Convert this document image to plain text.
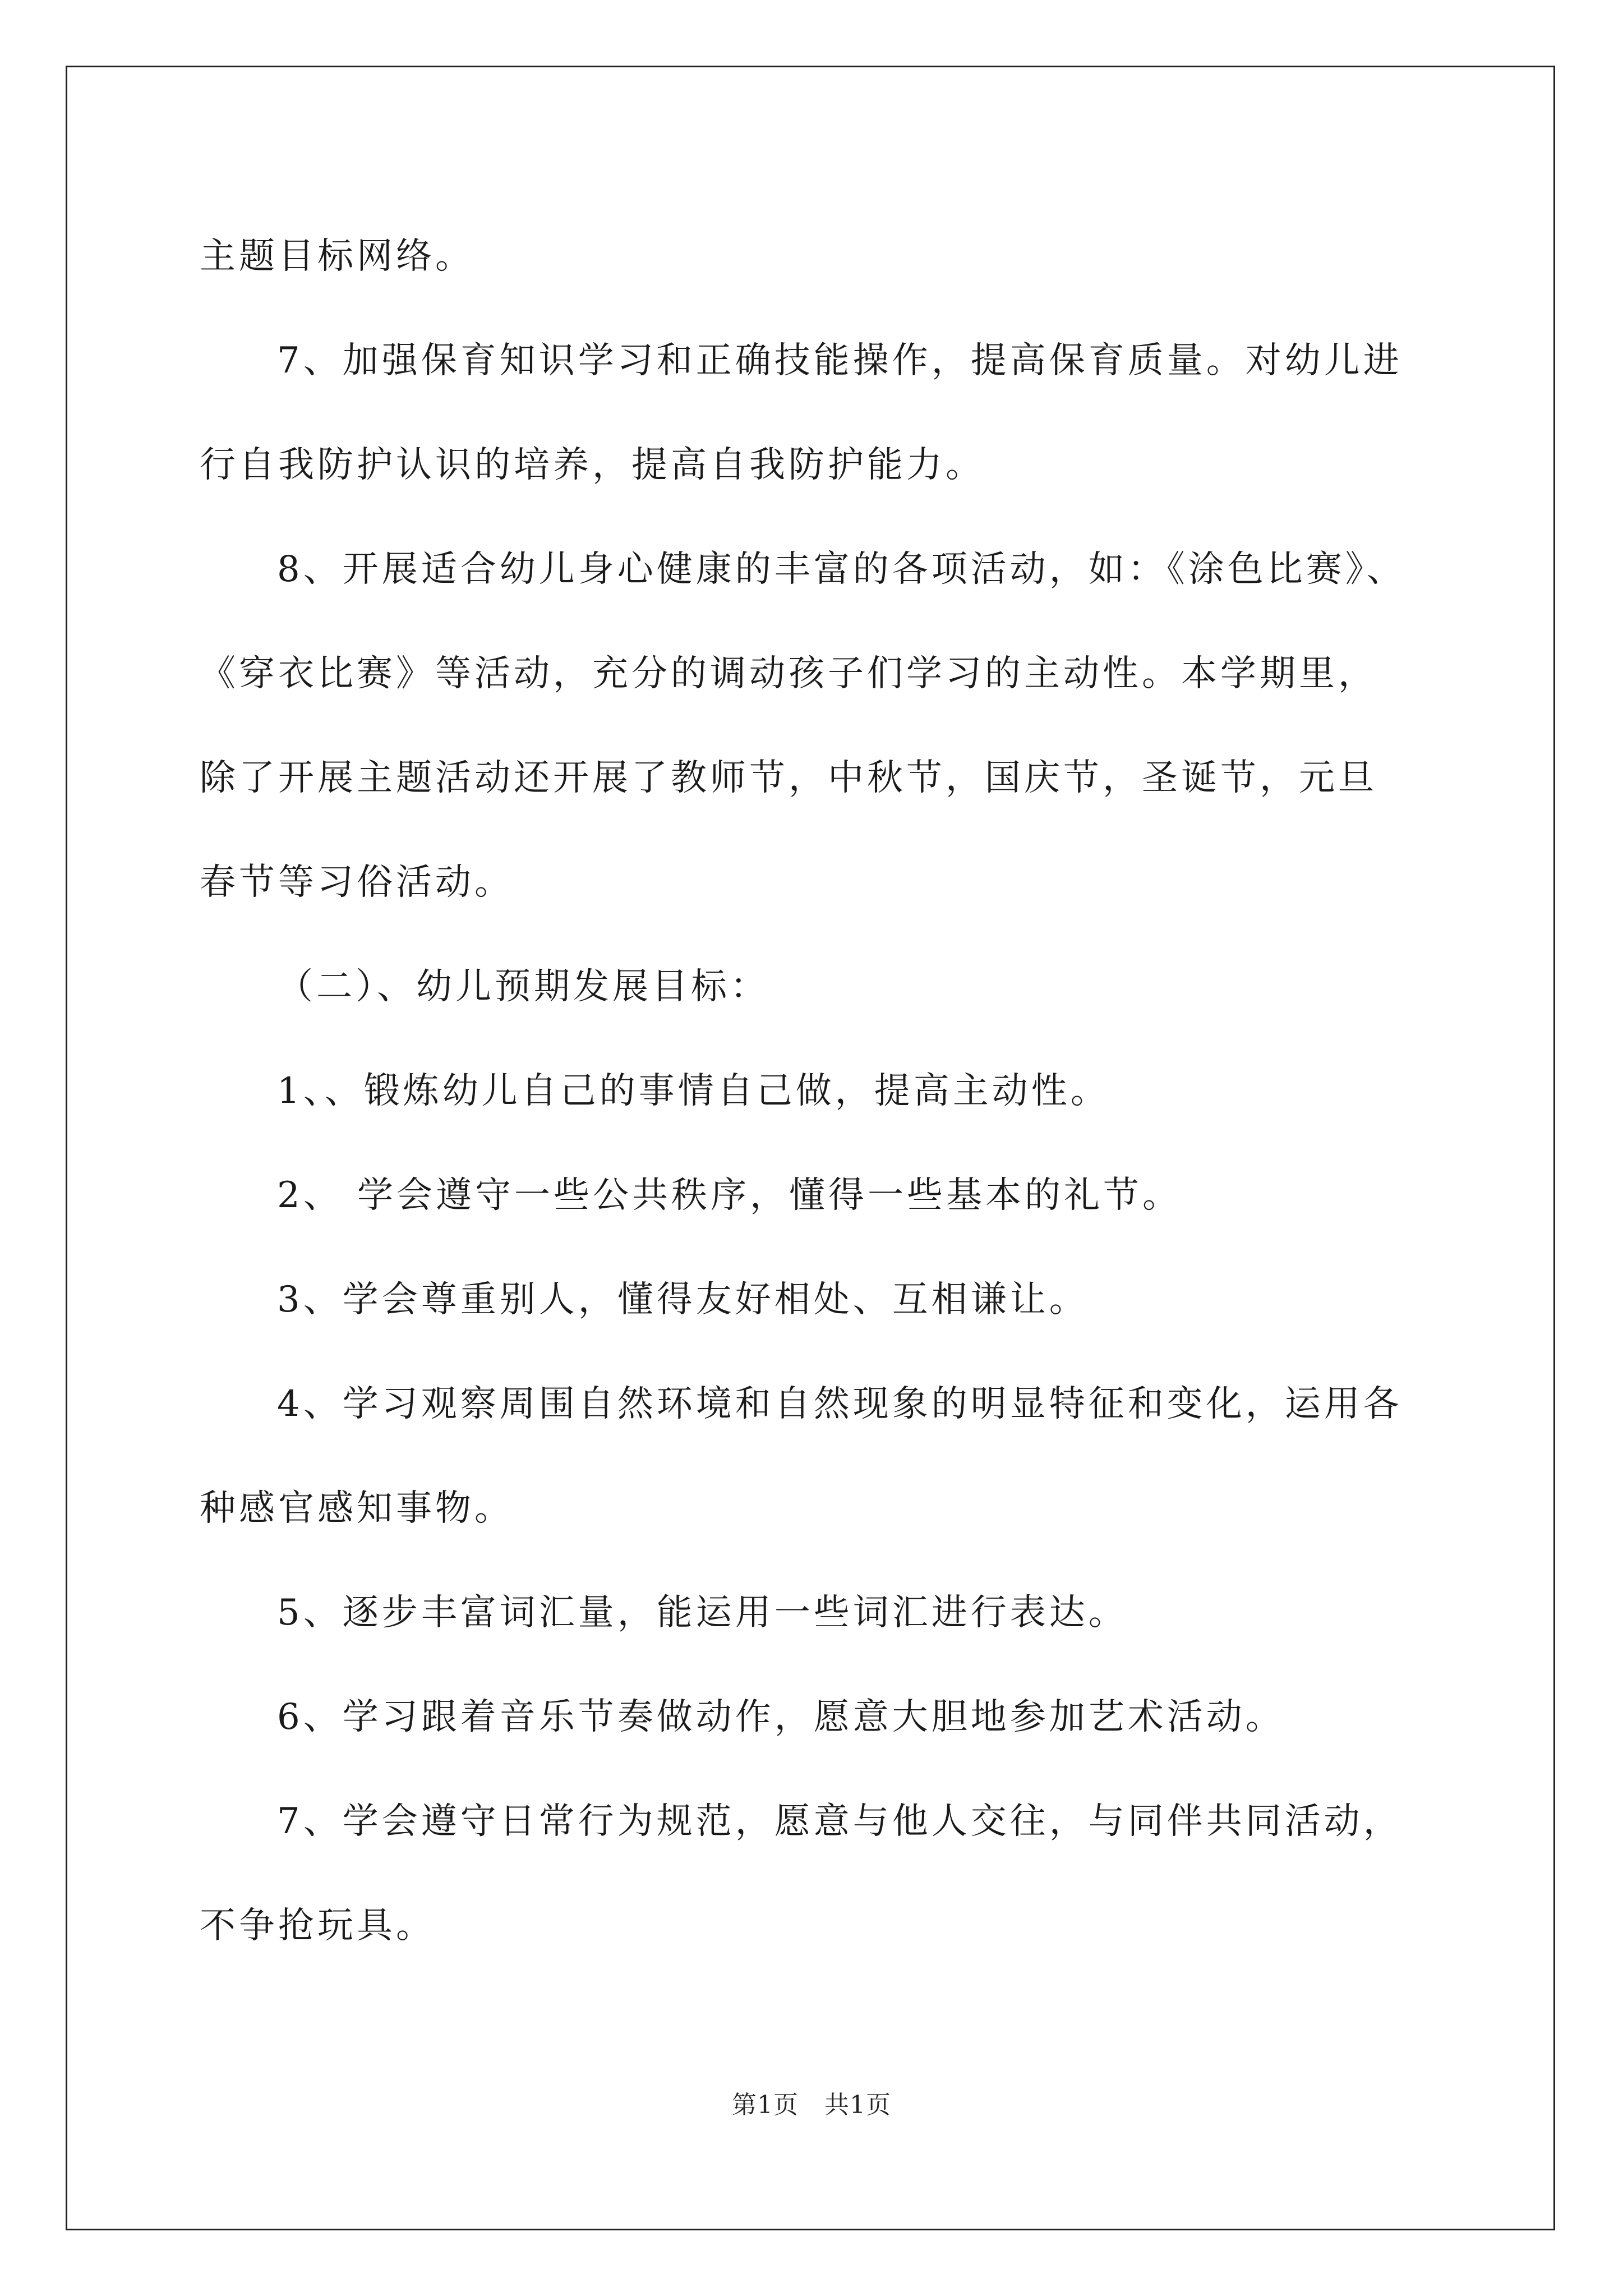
主题目标网络。

7、加强保育知识学习和正确技能操作，提高保育质量。对幼儿进

行自我防护认识的培养，提高自我防护能力。

8、开展适合幼儿身心健康的丰富的各项活动，如：《涂色比赛》、

《穿衣比赛》等活动，充分的调动孩子们学习的主动性。本学期里，

除了开展主题活动还开展了教师节，中秋节，国庆节，圣诞节，元旦

春节等习俗活动。

（二）、幼儿预期发展目标：

1、、锻炼幼儿自己的事情自己做，提高主动性。

2、 学会遵守一些公共秩序，懂得一些基本的礼节。

3、学会尊重别人，懂得友好相处、互相谦让。

4、学习观察周围自然环境和自然现象的明显特征和变化，运用各

种感官感知事物。

5、逐步丰富词汇量，能运用一些词汇进行表达。

6、学习跟着音乐节奏做动作，愿意大胆地参加艺术活动。

7、学会遵守日常行为规范，愿意与他人交往，与同伴共同活动，

不争抢玩具。

第1页 共1页
